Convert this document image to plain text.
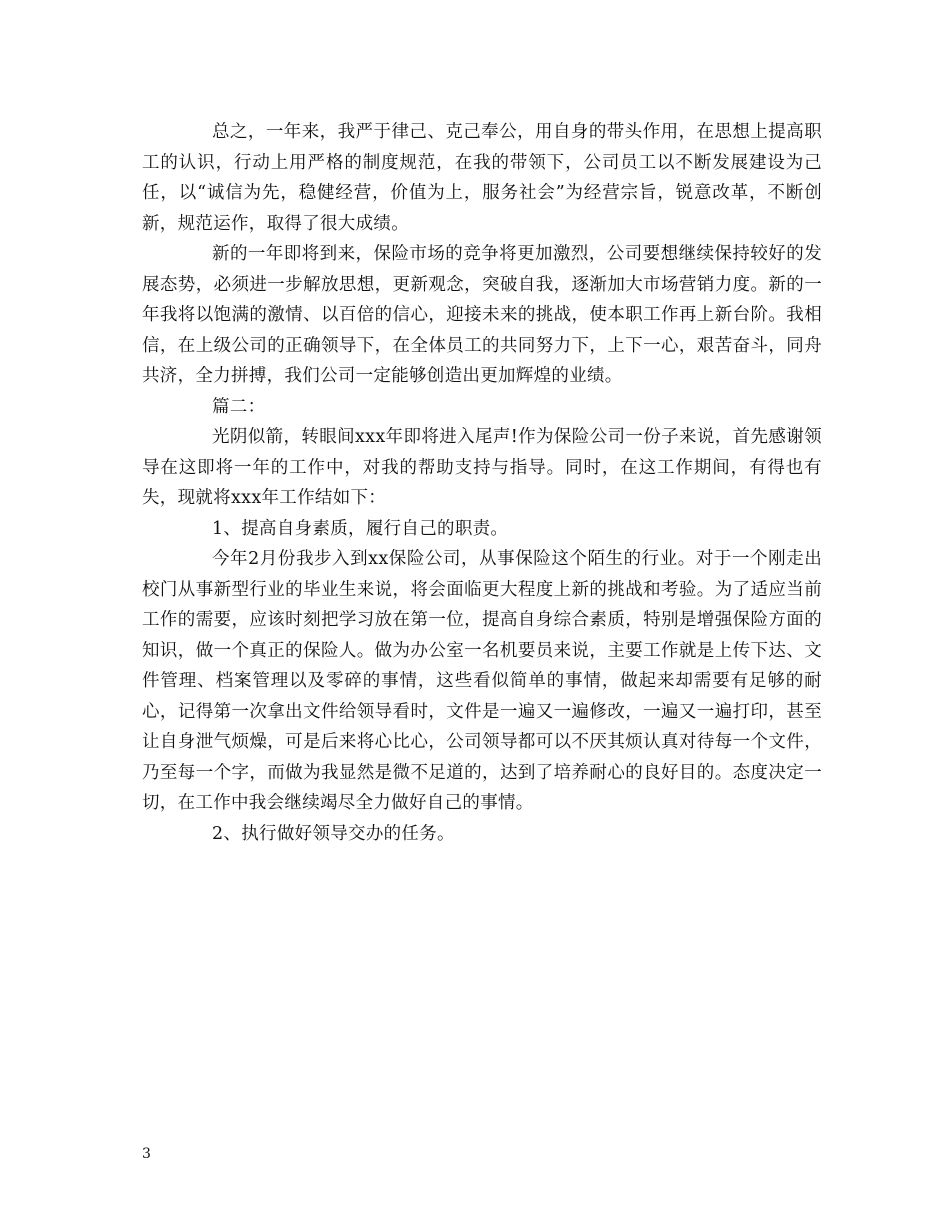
总之，一年来，我严于律己、克己奉公，用自身的带头作用，在思想上提高职工的认识，行动上用严格的制度规范，在我的带领下，公司员工以不断发展建设为己任，以“诚信为先，稳健经营，价值为上，服务社会”为经营宗旨，锐意改革，不断创新，规范运作，取得了很大成绩。

新的一年即将到来，保险市场的竞争将更加激烈，公司要想继续保持较好的发展态势，必须进一步解放思想，更新观念，突破自我，逐渐加大市场营销力度。新的一年我将以饱满的激情、以百倍的信心，迎接未来的挑战，使本职工作再上新台阶。我相信，在上级公司的正确领导下，在全体员工的共同努力下，上下一心，艰苦奋斗，同舟共济，全力拼搏，我们公司一定能够创造出更加辉煌的业绩。

篇二：

光阴似箭，转眼间xxx年即将进入尾声!作为保险公司一份子来说，首先感谢领导在这即将一年的工作中，对我的帮助支持与指导。同时，在这工作期间，有得也有失，现就将xxx年工作结如下：

1、提高自身素质，履行自己的职责。

今年2月份我步入到xx保险公司，从事保险这个陌生的行业。对于一个刚走出校门从事新型行业的毕业生来说，将会面临更大程度上新的挑战和考验。为了适应当前工作的需要，应该时刻把学习放在第一位，提高自身综合素质，特别是增强保险方面的知识，做一个真正的保险人。做为办公室一名机要员来说，主要工作就是上传下达、文件管理、档案管理以及零碎的事情，这些看似简单的事情，做起来却需要有足够的耐心，记得第一次拿出文件给领导看时，文件是一遍又一遍修改，一遍又一遍打印，甚至让自身泄气烦燥，可是后来将心比心，公司领导都可以不厌其烦认真对待每一个文件，乃至每一个字，而做为我显然是微不足道的，达到了培养耐心的良好目的。态度决定一切，在工作中我会继续竭尽全力做好自己的事情。

2、执行做好领导交办的任务。

3
